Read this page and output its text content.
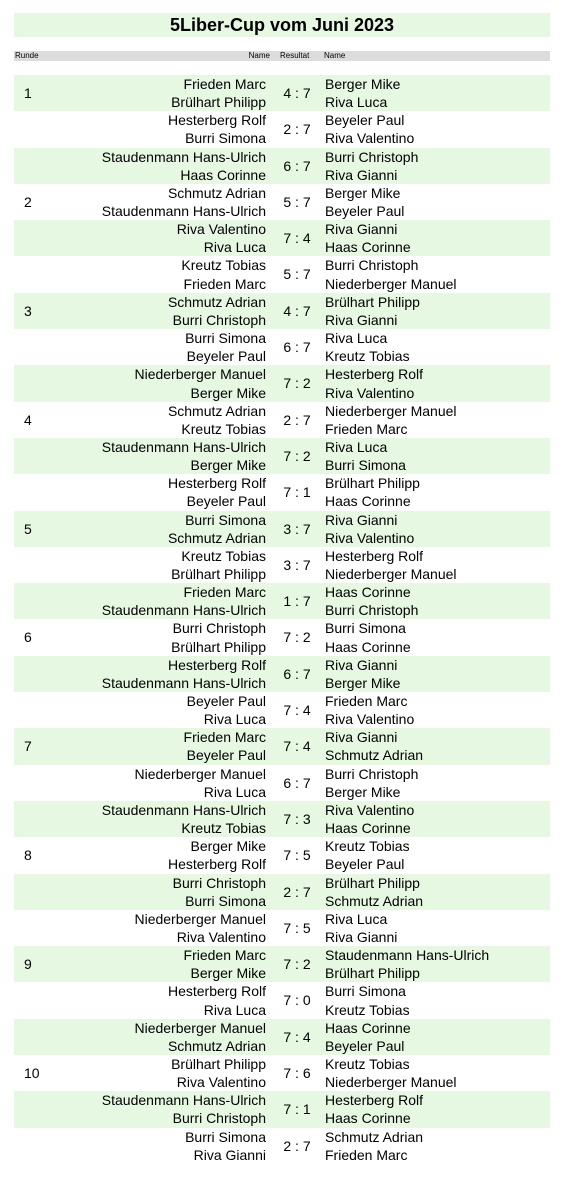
5Liber-Cup vom Juni 2023
Runde	Name Resultat Name
1
Frieden Marc
Brülhart Philipp
4 : 7
Berger Mike
Riva Luca
Hesterberg Rolf
Burri Simona
2 : 7
Beyeler Paul
Riva Valentino
Staudenmann Hans-Ulrich
Haas Corinne
6 : 7
Burri Christoph
Riva Gianni
2
Schmutz Adrian
Staudenmann Hans-Ulrich
5 : 7
Berger Mike
Beyeler Paul
Riva Valentino
Riva Luca
7 : 4
Riva Gianni
Haas Corinne
Kreutz Tobias
Frieden Marc
5 : 7
Burri Christoph
Niederberger Manuel
3
Schmutz Adrian
Burri Christoph
4 : 7
Brülhart Philipp
Riva Gianni
Burri Simona
Beyeler Paul
6 : 7
Riva Luca
Kreutz Tobias
Niederberger Manuel
Berger Mike
7 : 2
Hesterberg Rolf
Riva Valentino
4
Schmutz Adrian
Kreutz Tobias
2 : 7
Niederberger Manuel
Frieden Marc
Staudenmann Hans-Ulrich
Berger Mike
7 : 2
Riva Luca
Burri Simona
Hesterberg Rolf
Beyeler Paul
7 : 1
Brülhart Philipp
Haas Corinne
5
Burri Simona
Schmutz Adrian
3 : 7
Riva Gianni
Riva Valentino
Kreutz Tobias
Brülhart Philipp
3 : 7
Hesterberg Rolf
Niederberger Manuel
Frieden Marc
Staudenmann Hans-Ulrich
1 : 7
Haas Corinne
Burri Christoph
6
Burri Christoph
Brülhart Philipp
7 : 2
Burri Simona
Haas Corinne
Hesterberg Rolf
Staudenmann Hans-Ulrich
6 : 7
Riva Gianni
Berger Mike
Beyeler Paul
Riva Luca
7 : 4
Frieden Marc
Riva Valentino
7
Frieden Marc
Beyeler Paul
7 : 4
Riva Gianni
Schmutz Adrian
Niederberger Manuel
Riva Luca
6 : 7
Burri Christoph
Berger Mike
Staudenmann Hans-Ulrich
Kreutz Tobias
7 : 3
Riva Valentino
Haas Corinne
8
Berger Mike
Hesterberg Rolf
7 : 5
Kreutz Tobias
Beyeler Paul
Burri Christoph
Burri Simona
2 : 7
Brülhart Philipp
Schmutz Adrian
Niederberger Manuel
Riva Valentino
7 : 5
Riva Luca
Riva Gianni
9
Frieden Marc
Berger Mike
7 : 2
Staudenmann Hans-Ulrich
Brülhart Philipp
Hesterberg Rolf
Riva Luca
7 : 0
Burri Simona
Kreutz Tobias
Niederberger Manuel
Schmutz Adrian
7 : 4
Haas Corinne
Beyeler Paul
10
Brülhart Philipp
Riva Valentino
7 : 6
Kreutz Tobias
Niederberger Manuel
Staudenmann Hans-Ulrich
Burri Christoph
7 : 1
Hesterberg Rolf
Haas Corinne
Burri Simona
Riva Gianni
2 : 7
Schmutz Adrian
Frieden Marc
